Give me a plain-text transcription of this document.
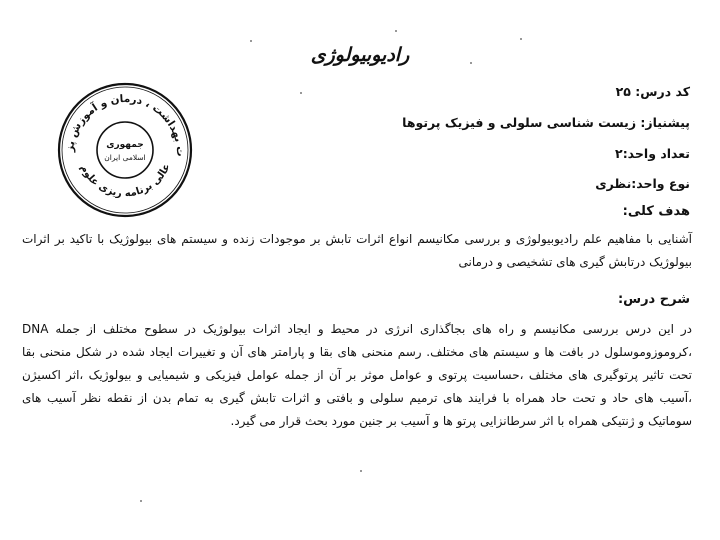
رادیوبیولوژی
ت بهداشت ، درمان و آموزش پز
عالی برنامه ریزی علوم
جمهوری
اسلامی ایران
کد درس: ۲۵
پیشنیاز: زیست شناسی سلولی و فیزیک پرتوها
تعداد واحد:۲
نوع واحد:نظری
هدف کلی:
آشنایی با مفاهیم علم رادیوبیولوژی و بررسی مکانیسم انواع اثرات تابش بر موجودات زنده و سیستم های بیولوژیک با تاکید بر اثرات بیولوژیک درتابش گیری های تشخیصی و درمانی
شرح درس:
در این درس بررسی مکانیسم و راه های بجاگذاری انرژی در محیط و ایجاد اثرات بیولوژیک در سطوح مختلف از جمله DNA ،کروموزوموسلول در بافت ها و سیستم های مختلف. رسم منحنی های بقا و پارامتر های آن و تغییرات ایجاد شده در شکل منحنی بقا تحت تاثیر پرتوگیری های مختلف ،حساسیت پرتوی و عوامل موثر بر آن از جمله عوامل فیزیکی و شیمیایی و بیولوژیک ،اثر اکسیژن ،آسیب های حاد و تحت حاد همراه با فرایند های ترمیم سلولی و بافتی و اثرات تابش گیری به تمام بدن از نقطه نظر آسیب های سوماتیک و ژنتیکی همراه با اثر سرطانزایی پرتو ها و آسیب بر جنین مورد بحث قرار می گیرد.
